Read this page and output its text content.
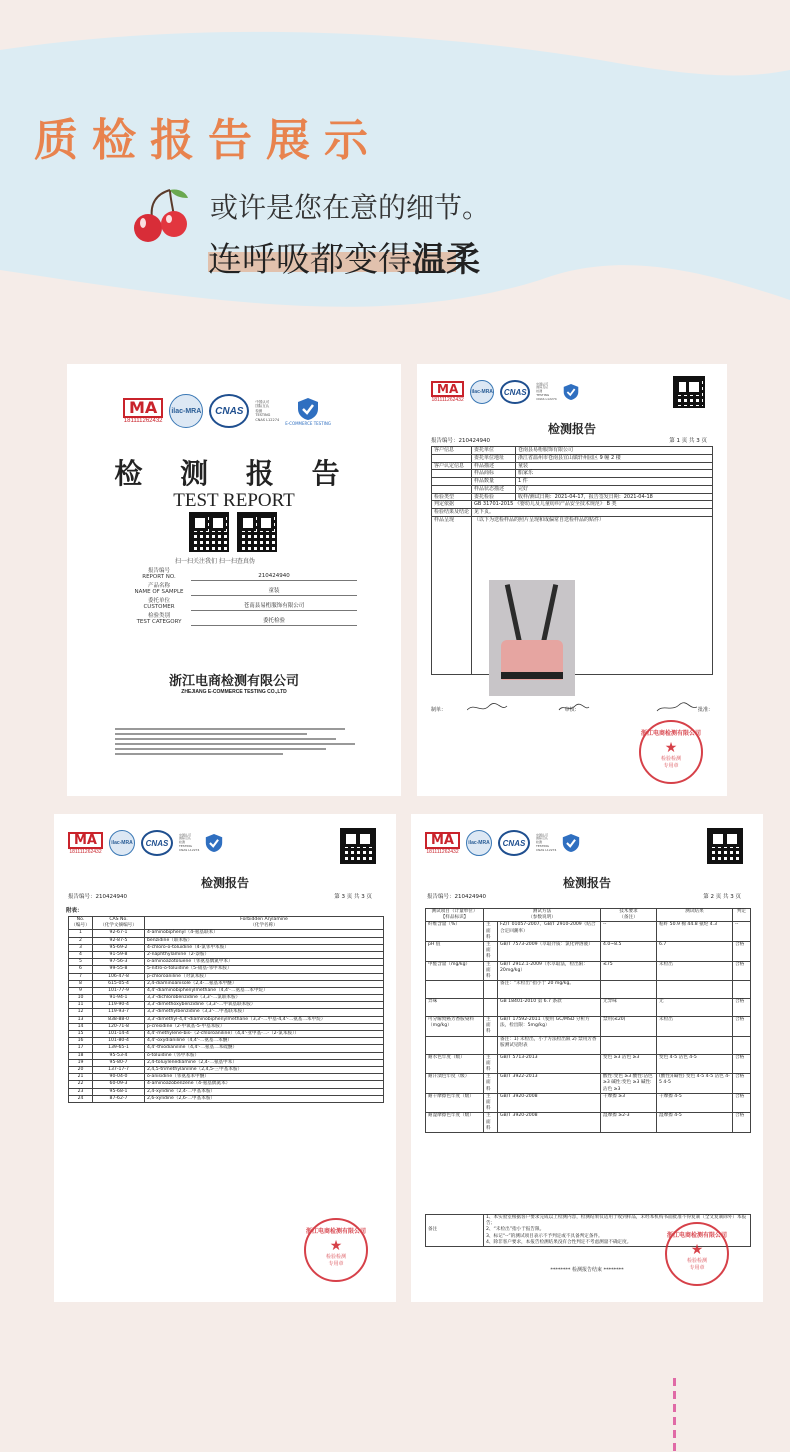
质检报告展示
或许是您在意的细节。
连呼吸都变得温柔
MA
181111262432
ilac-MRA	CNAS
中国认可
国际互认
检测
TESTING
CNAS L12274
E-COMMERCE TESTING
检 测 报 告
TEST REPORT
扫一扫关注我们 扫一扫查真伪
报告编号
REPORT NO.	210424940
产品名称
NAME OF SAMPLE	童装
委托单位
CUSTOMER	苍南县易桁服饰有限公司
检验类别
TEST CATEGORY	委托检验
浙江电商检测有限公司
ZHEJIANG E-COMMERCE TESTING CO.,LTD
MA
181111262432
ilac-MRA	CNAS
中国认可
国际互认
检测
TESTING
CNAS L12274
检测报告
报告编号：210424940	第 1 页 共 3 页
客户信息	委托单位	苍南县易桁服饰有限公司
	委托单位地址	浙江省温州市苍南县宜山镇轩州园区 9 幢 2 楼
客户认定信息	样品描述	童装
	样品商标	船家乐
	样品数量	1 件
	样品状态描述	完好
检验类型	委托检验	收样/测试日期：2021-04-17，报告签发日期：2021-04-18
判定依据	GB 31701-2015 《婴幼儿及儿童纺织产品安全技术规范》 B 类	
检验结果及结论	见下页。	
样品呈现	（以下为送检样品的照片呈现和成偏常自送检样品的贴件）	
制单：	审核：	批准：
浙江电商检测有限公司
★
检验检测
专用章
MA
181111262432
ilac-MRA	CNAS
中国认可
国际互认
检测
TESTING
CNAS L12274
检测报告
报告编号：210424940	第 3 页 共 3 页
附表：
No.
（编号）	CAS No.
（化学文摘编号）	Forbidden Arylamine
（化学名称）
1	92-67-1	4-aminobiphenyl（4-氨基联苯）
2	92-87-5	benzidine（联苯胺）
3	95-69-2	4-chloro-o-toluidine（4-氯邻甲苯胺）
4	91-59-8	2-naphthylamine（2-萘胺）
5	97-56-3	o-aminoazotoluene（邻氨基偶氮甲苯）
6	99-55-8	5-nitro-o-toluidine（5-硝基-邻甲苯胺）
7	106-47-8	p-chloroaniline（对氯苯胺）
8	615-05-4	2,4-diaminoanisole（2,4-二氨基苯甲醚）
9	101-77-9	4,4'-diaminobiphenylmethane（4,4'-二氨基二苯甲烷）
10	91-94-1	3,3'-dichlorobenzidine（3,3'-二氯联苯胺）
11	119-90-4	3,3'-dimethoxybenzidine（3,3'-二甲氧基联苯胺）
12	119-93-7	3,3'-dimethylbenzidine（3,3'-二甲基联苯胺）
13	838-88-0	3,3'-dimethyl-4,4'-diaminobiphenylmethane（3,3'-二甲基-4,4'-二氨基二苯甲烷）
14	120-71-8	p-cresidine（2-甲氧基-5-甲基苯胺）
15	101-14-4	4,4'-methylene-bis-（2-chloroaniline）（4,4'-亚甲基-二-（2-氯苯胺））
16	101-80-4	4,4'-oxydianiline（4,4'-二氨基二苯醚）
17	139-65-1	4,4'-thiodianiline（4,4'-二氨基二苯硫醚）
18	95-53-4	o-toluidine（邻甲苯胺）
19	95-80-7	2,4-toluylenediamine（2,4-二氨基甲苯）
20	137-17-7	2,4,5-trimethylaniline（2,4,5-三甲基苯胺）
21	90-04-0	o-anisidine（邻氨基苯甲醚）
22	60-09-3	4-aminoazobenzene（4-氨基偶氮苯）
23	95-68-1	2,4-xylidine（2,4-二甲基苯胺）
24	87-62-7	2,6-xylidine（2,6-二甲基苯胺）
浙江电商检测有限公司
★
检验检测
专用章
MA
181111262432
ilac-MRA	CNAS
中国认可
国际互认
检测
TESTING
CNAS L12274
检测报告
报告编号：210424940	第 2 页 共 3 页
测试项目（计量单位）
【样品标识】	测试方法
（参数说明）		技术要求
（备注）	测试结果	判定
纤维含量（%）	主面料	FZ/T 01057-2007、GB/T 2910-2009（结合合定回潮率）	--	粘纤 50.9 棉 44.8 氨纶 4.3	--
pH 值	主面料	GB/T 7573-2009（萃取介质：氯化钾溶液）	4.0~8.5	6.7	合格
甲醛含量（mg/kg）	主面料	GB/T 2912.1-2009（水萃取法，检出限：20mg/kg）	≤75	未检出	合格
		备注：“未检出”指小于 20 mg/kg。			
异味		GB 18401-2010 第 6.7 条款	无异味	无	合格
可分解致癌芳香胺染料（mg/kg）	主面料	GB/T 17592-2011（使用 GC/MSD 分析方法，检出限：5mg/kg）	禁用(≤20)	未检出	合格
		备注：1) 未检出，小于方法检出限 2) 禁用芳香胺测试见附表			
耐水色牢度（级）	主面料	GB/T 5713-2013	变色 ≥3 沾色 ≥3	变色 4-5 沾色 4-5	合格
耐汗渍色牢度（级）	主面料	GB/T 3922-2013	酸性:变色 ≥3 酸性:沾色 ≥3 碱性:变色 ≥3 碱性:沾色 ≥3	(酸性)(碱性) 变色 4-5 4-5 沾色 4-5 4-5	合格
耐干摩擦色牢度（级）	主面料	GB/T 3920-2008	干摩擦 ≥3	干摩擦 4-5	合格
耐湿摩擦色牢度（级）	主面料	GB/T 3920-2008	湿摩擦 ≥2-3	湿摩擦 4-5	合格
备注	
1、本实验室根据客户要求完成以上检测内容，检测结果仅适用于收到样品，未经本机构书面批准不得复制（全文复制除外）本报告；
2、“未检出”指小于报告限。
3、标记“--”的测试项目表示不予判定或不具备判定条件。
4、除非客户要求，本报告检测结果没有合性判定不考虑测量不确定度。
******** 检测报告结束 ********
浙江电商检测有限公司
★
检验检测
专用章
